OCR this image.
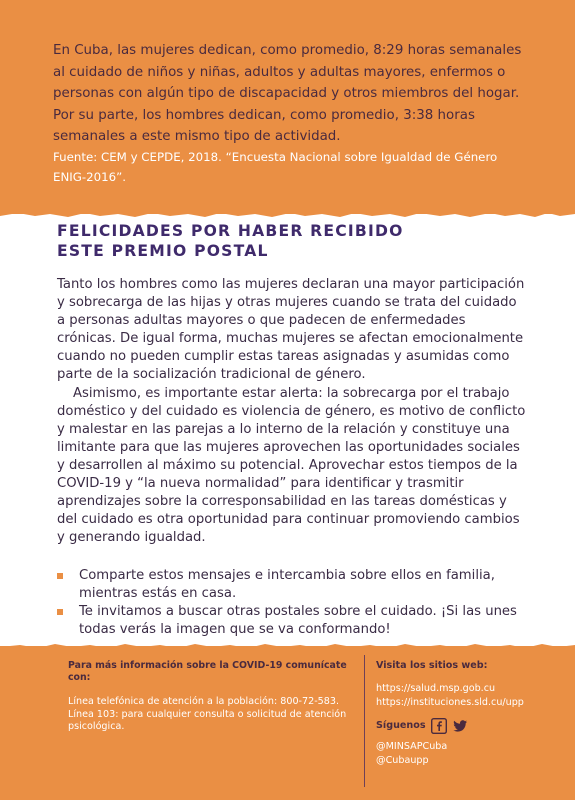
En Cuba, las mujeres dedican, como promedio, 8:29 horas semanales al cuidado de niños y niñas, adultos y adultas mayores, enfermos o personas con algún tipo de discapacidad y otros miembros del hogar. Por su parte, los hombres dedican, como promedio, 3:38 horas semanales a este mismo tipo de actividad.
Fuente: CEM y CEPDE, 2018. “Encuesta Nacional sobre Igualdad de Género ENIG-2016”.
FELICIDADES POR HABER RECIBIDO
ESTE PREMIO POSTAL

Tanto los hombres como las mujeres declaran una mayor participación y sobrecarga de las hijas y otras mujeres cuando se trata del cuidado a personas adultas mayores o que padecen de enfermedades crónicas. De igual forma, muchas mujeres se afectan emocionalmente cuando no pueden cumplir estas tareas asignadas y asumidas como parte de la socialización tradicional de género.

Asimismo, es importante estar alerta: la sobrecarga por el trabajo doméstico y del cuidado es violencia de género, es motivo de conflicto y malestar en las parejas a lo interno de la relación y constituye una limitante para que las mujeres aprovechen las oportunidades sociales y desarrollen al máximo su potencial. Aprovechar estos tiempos de la COVID-19 y “la nueva normalidad” para identificar y trasmitir aprendizajes sobre la corresponsabilidad en las tareas domésticas y del cuidado es otra oportunidad para continuar promoviendo cambios y generando igualdad.

Comparte estos mensajes e intercambia sobre ellos en familia, mientras estás en casa.
Te invitamos a buscar otras postales sobre el cuidado. ¡Si las unes todas verás la imagen que se va conformando!
Para más información sobre la COVID-19 comunícate con:
Línea telefónica de atención a la población: 800-72-583.
Línea 103: para cualquier consulta o solicitud de atención psicológica.
Visita los sitios web:
https://salud.msp.gob.cu
https://instituciones.sld.cu/upp
Síguenos
@MINSAPCuba
@Cubaupp
